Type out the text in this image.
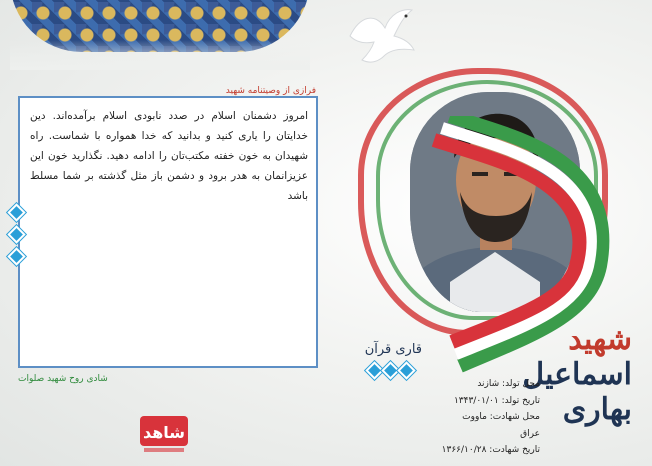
فرازی از وصیتنامه شهید

امروز دشمنان اسلام در صدد نابودی اسلام برآمده‌اند. دین خدایتان را یاری کنید و بدانید که خدا همواره با شماست. راه شهیدان به خون خفته مکتب‌تان را ادامه دهید. نگذارید خون این عزیزانمان به هدر برود و دشمن باز مثل گذشته بر شما مسلط باشد

شادی روح شهید صلوات
شهید اسماعیل بهاری
قاری قرآن
محل تولد: شازند
تاریخ تولد: ۱۳۴۳/۰۱/۰۱
محل شهادت: ماووت عراق
تاریخ شهادت: ۱۳۶۶/۱۰/۲۸
شاهد
